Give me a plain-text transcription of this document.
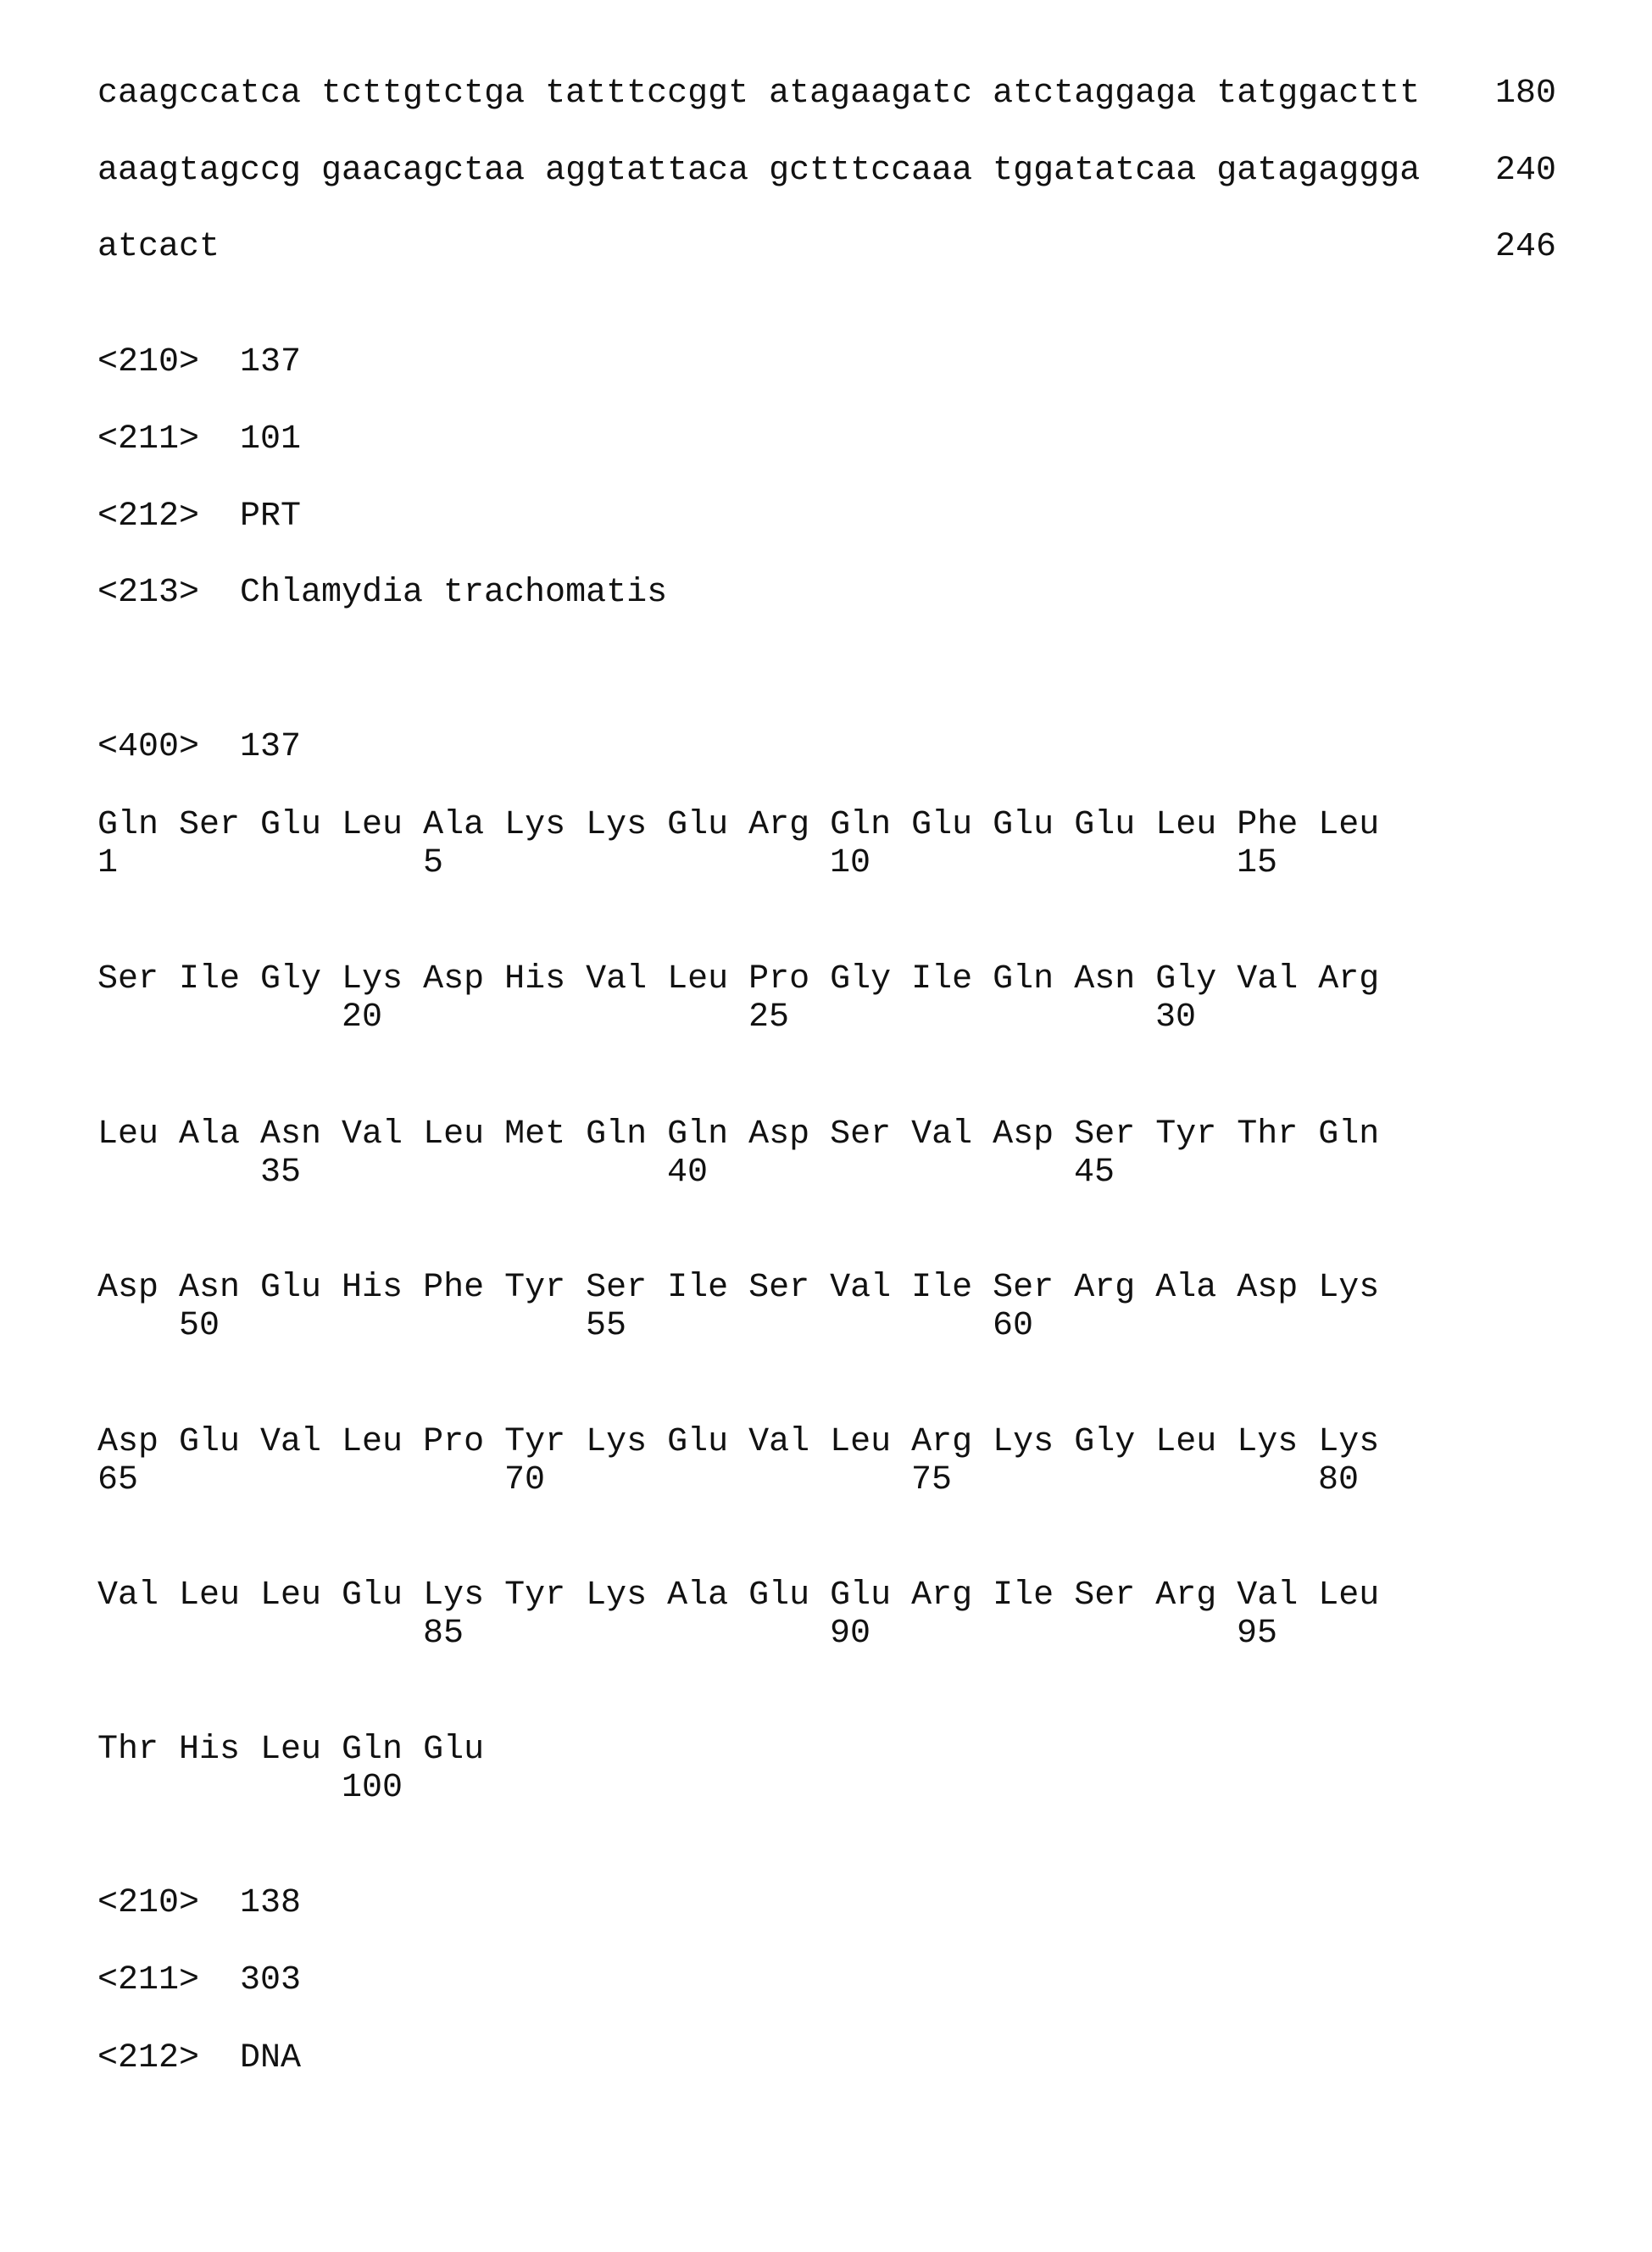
caagccatca tcttgtctga tatttccggt atagaagatc atctaggaga tatggacttt 180
aaagtagccg gaacagctaa aggtattaca gctttccaaa tggatatcaa gatagaggga 240
atcact	246
<210> 137
<211> 101
<212> PRT
<213> Chlamydia trachomatis
<400> 137
Gln Ser Glu Leu Ala Lys Lys Glu Arg Gln Glu Glu Glu Leu Phe Leu
1	5	10	15
Ser Ile Gly Lys Asp His Val Leu Pro Gly Ile Gln Asn Gly Val Arg
20	25	30
Leu Ala Asn Val Leu Met Gln Gln Asp Ser Val Asp Ser Tyr Thr Gln
35	40	45
Asp Asn Glu His Phe Tyr Ser Ile Ser Val Ile Ser Arg Ala Asp Lys
50	55	60
Asp Glu Val Leu Pro Tyr Lys Glu Val Leu Arg Lys Gly Leu Lys Lys
65	70	75	80
Val Leu Leu Glu Lys Tyr Lys Ala Glu Glu Arg Ile Ser Arg Val Leu
85	90	95
Thr His Leu Gln Glu
100
<210> 138
<211> 303
<212> DNA
